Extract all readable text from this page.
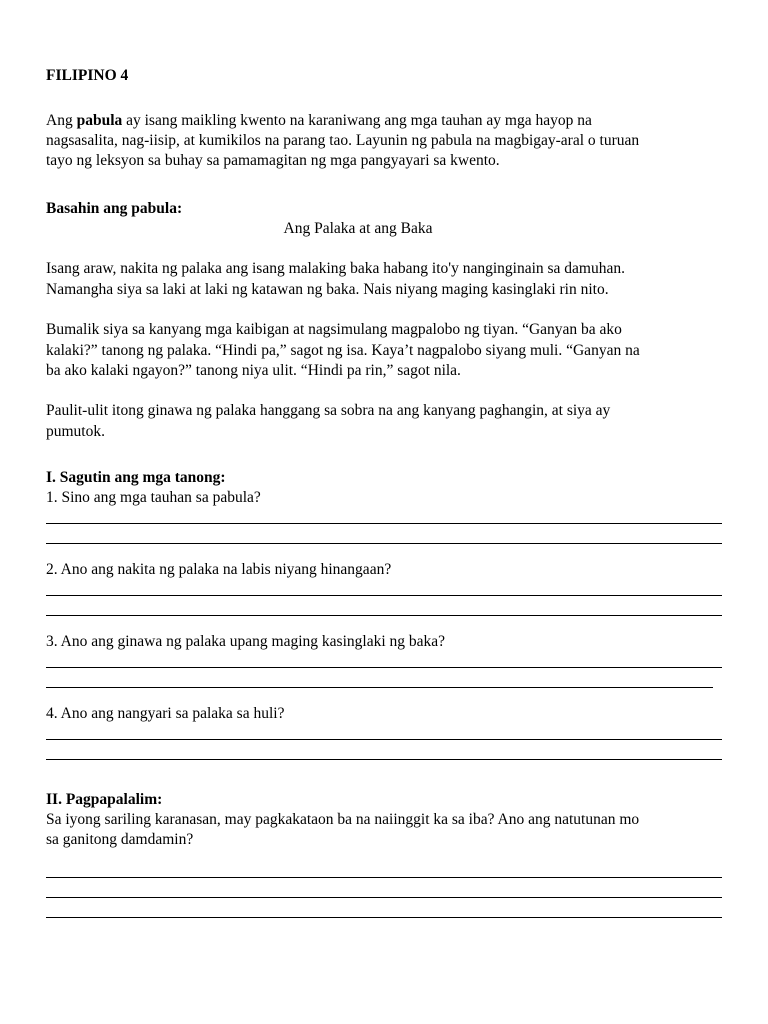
FILIPINO 4
Ang pabula ay isang maikling kwento na karaniwang ang mga tauhan ay mga hayop na
nagsasalita, nag-iisip, at kumikilos na parang tao. Layunin ng pabula na magbigay-aral o turuan
tayo ng leksyon sa buhay sa pamamagitan ng mga pangyayari sa kwento.
Basahin ang pabula:
Ang Palaka at ang Baka
Isang araw, nakita ng palaka ang isang malaking baka habang ito'y nanginginain sa damuhan.
Namangha siya sa laki at laki ng katawan ng baka. Nais niyang maging kasinglaki rin nito.
Bumalik siya sa kanyang mga kaibigan at nagsimulang magpalobo ng tiyan. “Ganyan ba ako
kalaki?” tanong ng palaka. “Hindi pa,” sagot ng isa. Kaya’t nagpalobo siyang muli. “Ganyan na
ba ako kalaki ngayon?” tanong niya ulit. “Hindi pa rin,” sagot nila.
Paulit-ulit itong ginawa ng palaka hanggang sa sobra na ang kanyang paghangin, at siya ay
pumutok.
I. Sagutin ang mga tanong:
1. Sino ang mga tauhan sa pabula?
2. Ano ang nakita ng palaka na labis niyang hinangaan?
3. Ano ang ginawa ng palaka upang maging kasinglaki ng baka?
4. Ano ang nangyari sa palaka sa huli?
II. Pagpapalalim:
Sa iyong sariling karanasan, may pagkakataon ba na naiinggit ka sa iba? Ano ang natutunan mo
sa ganitong damdamin?
